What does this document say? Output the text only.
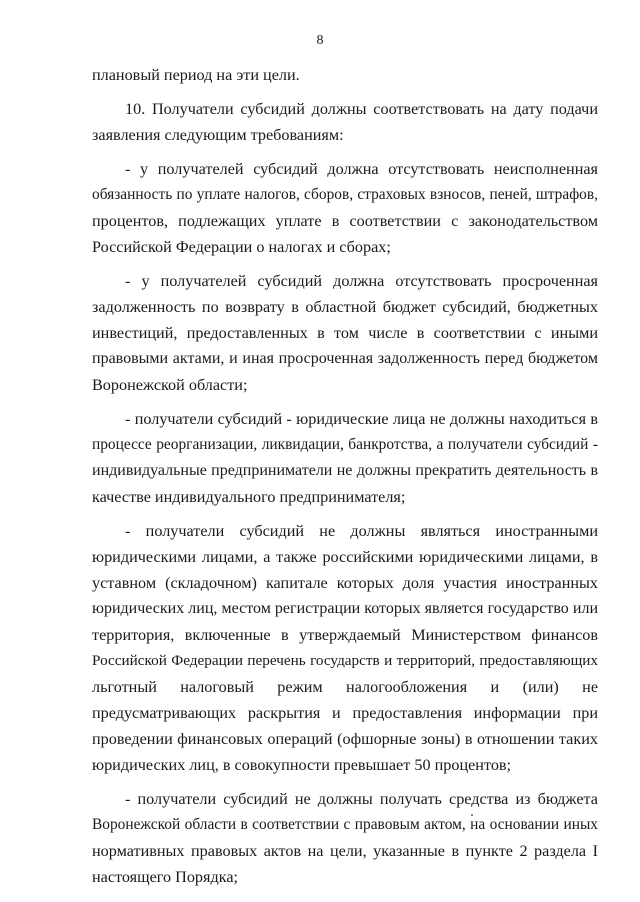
8
плановый период на эти цели.
10. Получатели субсидий должны соответствовать на дату подачи
заявления следующим требованиям:
- у получателей субсидий должна отсутствовать неисполненная
обязанность по уплате налогов, сборов, страховых взносов, пеней, штрафов,
процентов, подлежащих уплате в соответствии с законодательством
Российской Федерации о налогах и сборах;
- у получателей субсидий должна отсутствовать просроченная
задолженность по возврату в областной бюджет субсидий, бюджетных
инвестиций, предоставленных в том числе в соответствии с иными
правовыми актами, и иная просроченная задолженность перед бюджетом
Воронежской области;
- получатели субсидий - юридические лица не должны находиться в
процессе реорганизации, ликвидации, банкротства, а получатели субсидий -
индивидуальные предприниматели не должны прекратить деятельность в
качестве индивидуального предпринимателя;
- получатели субсидий не должны являться иностранными
юридическими лицами, а также российскими юридическими лицами, в
уставном (складочном) капитале которых доля участия иностранных
юридических лиц, местом регистрации которых является государство или
территория, включенные в утверждаемый Министерством финансов
Российской Федерации перечень государств и территорий, предоставляющих
льготный налоговый режим налогообложения и (или) не
предусматривающих раскрытия и предоставления информации при
проведении финансовых операций (офшорные зоны) в отношении таких
юридических лиц, в совокупности превышает 50 процентов;
- получатели субсидий не должны получать средства из бюджета
Воронежской области в соответствии с правовым актом, на основании иных
нормативных правовых актов на цели, указанные в пункте 2 раздела I
настоящего Порядка;
